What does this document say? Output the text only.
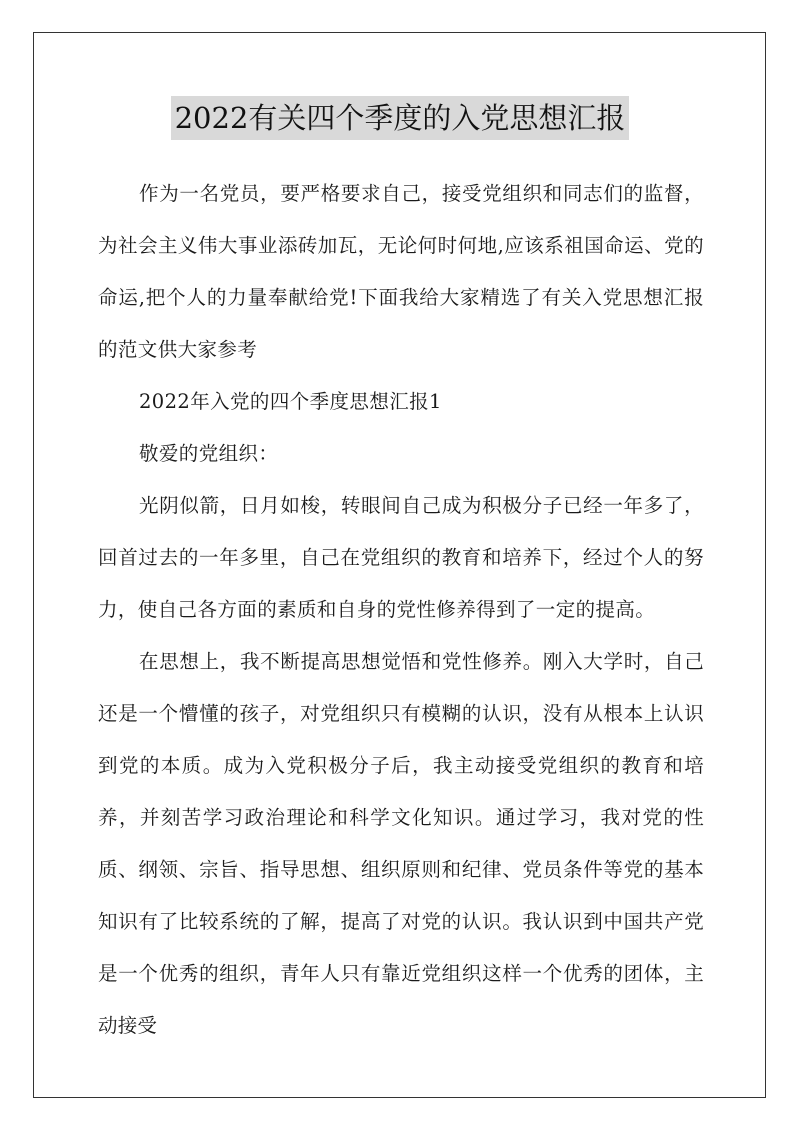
2022有关四个季度的入党思想汇报

作为一名党员，要严格要求自己，接受党组织和同志们的监督，为社会主义伟大事业添砖加瓦，无论何时何地,应该系祖国命运、党的命运,把个人的力量奉献给党!下面我给大家精选了有关入党思想汇报的范文供大家参考

2022年入党的四个季度思想汇报1

敬爱的党组织：

光阴似箭，日月如梭，转眼间自己成为积极分子已经一年多了，回首过去的一年多里，自己在党组织的教育和培养下，经过个人的努力，使自己各方面的素质和自身的党性修养得到了一定的提高。

在思想上，我不断提高思想觉悟和党性修养。刚入大学时，自己还是一个懵懂的孩子，对党组织只有模糊的认识，没有从根本上认识到党的本质。成为入党积极分子后，我主动接受党组织的教育和培养，并刻苦学习政治理论和科学文化知识。通过学习，我对党的性质、纲领、宗旨、指导思想、组织原则和纪律、党员条件等党的基本知识有了比较系统的了解，提高了对党的认识。我认识到中国共产党是一个优秀的组织，青年人只有靠近党组织这样一个优秀的团体，主动接受
